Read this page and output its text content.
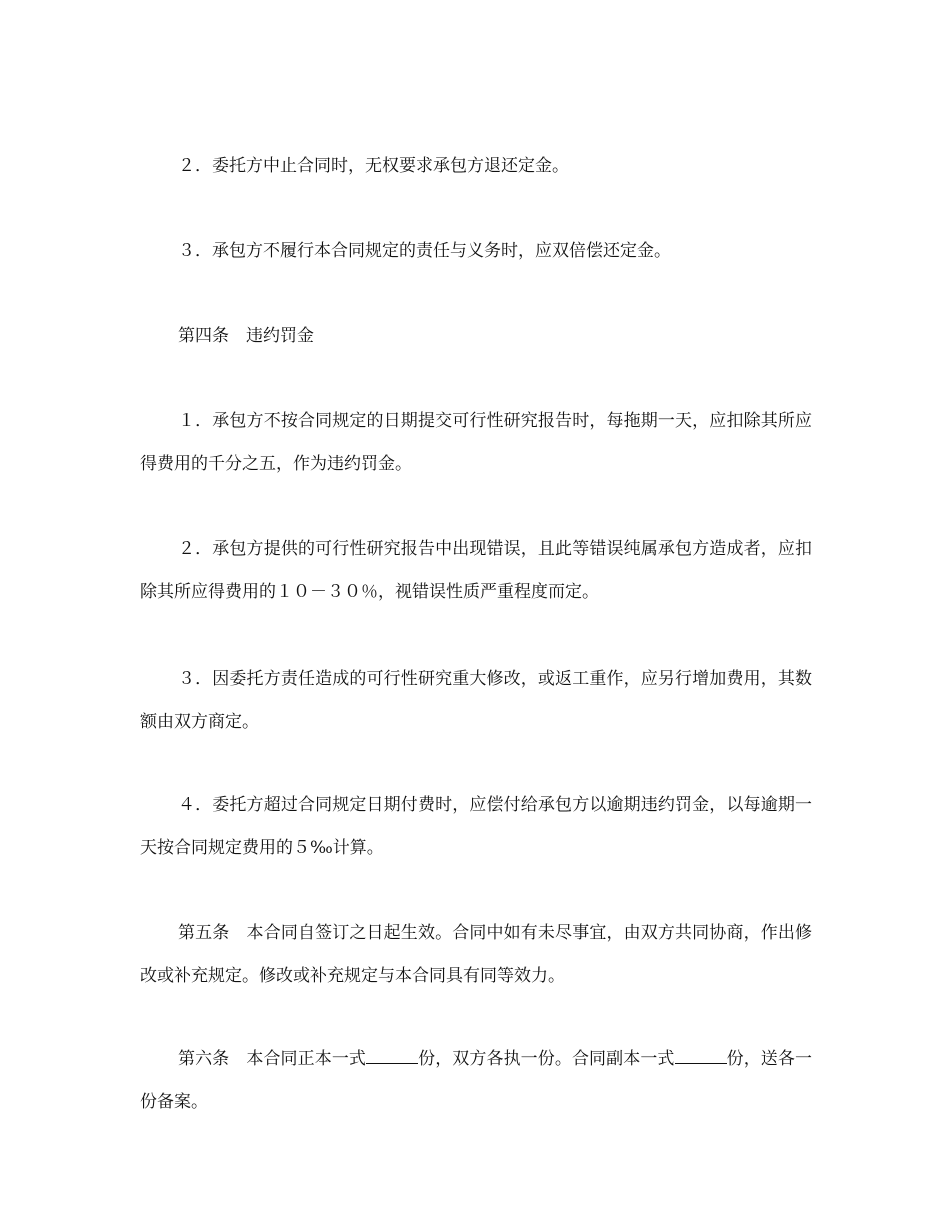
２．委托方中止合同时，无权要求承包方退还定金。

３．承包方不履行本合同规定的责任与义务时，应双倍偿还定金。

第四条　违约罚金

１．承包方不按合同规定的日期提交可行性研究报告时，每拖期一天，应扣除其所应得费用的千分之五，作为违约罚金。

２．承包方提供的可行性研究报告中出现错误，且此等错误纯属承包方造成者，应扣除其所应得费用的１０－３０％，视错误性质严重程度而定。

３．因委托方责任造成的可行性研究重大修改，或返工重作，应另行增加费用，其数额由双方商定。

４．委托方超过合同规定日期付费时，应偿付给承包方以逾期违约罚金，以每逾期一天按合同规定费用的５‰计算。

第五条　本合同自签订之日起生效。合同中如有未尽事宜，由双方共同协商，作出修改或补充规定。修改或补充规定与本合同具有同等效力。

第六条　本合同正本一式	份，双方各执一份。合同副本一式	份，送各一份备案。
